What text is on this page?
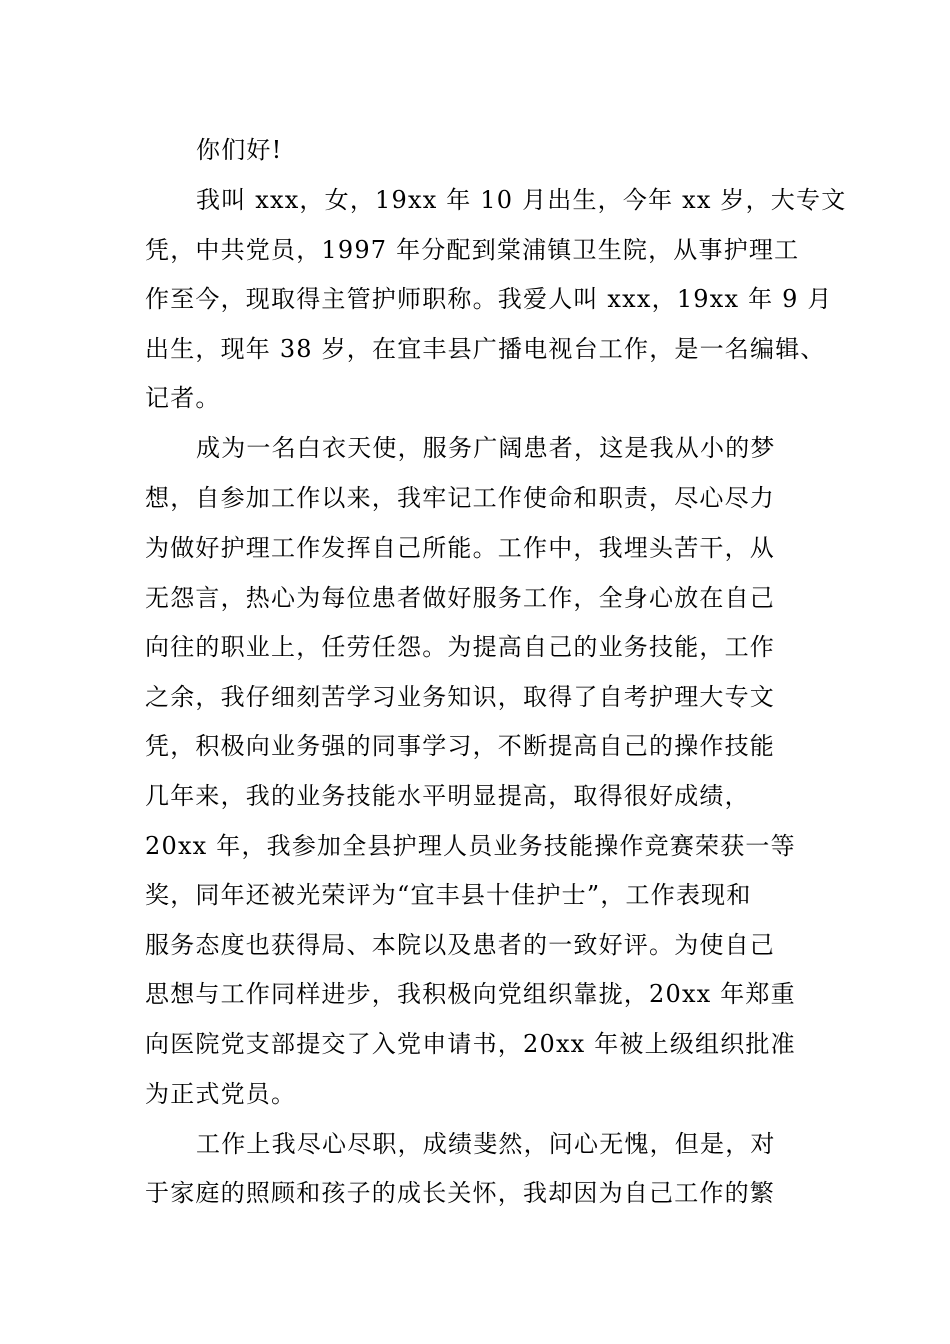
你们好!
我叫 xxx，女，19xx 年 10 月出生，今年 xx 岁，大专文
凭，中共党员，1997 年分配到棠浦镇卫生院，从事护理工
作至今，现取得主管护师职称。我爱人叫 xxx，19xx 年 9 月
出生，现年 38 岁，在宜丰县广播电视台工作，是一名编辑、
记者。
成为一名白衣天使，服务广阔患者，这是我从小的梦
想，自参加工作以来，我牢记工作使命和职责，尽心尽力
为做好护理工作发挥自己所能。工作中，我埋头苦干，从
无怨言，热心为每位患者做好服务工作，全身心放在自己
向往的职业上，任劳任怨。为提高自己的业务技能，工作
之余，我仔细刻苦学习业务知识，取得了自考护理大专文
凭，积极向业务强的同事学习，不断提高自己的操作技能
几年来，我的业务技能水平明显提高，取得很好成绩，
20xx 年，我参加全县护理人员业务技能操作竞赛荣获一等
奖，同年还被光荣评为“宜丰县十佳护士”，工作表现和
服务态度也获得局、本院以及患者的一致好评。为使自己
思想与工作同样进步，我积极向党组织靠拢，20xx 年郑重
向医院党支部提交了入党申请书，20xx 年被上级组织批准
为正式党员。
工作上我尽心尽职，成绩斐然，问心无愧，但是，对
于家庭的照顾和孩子的成长关怀，我却因为自己工作的繁
